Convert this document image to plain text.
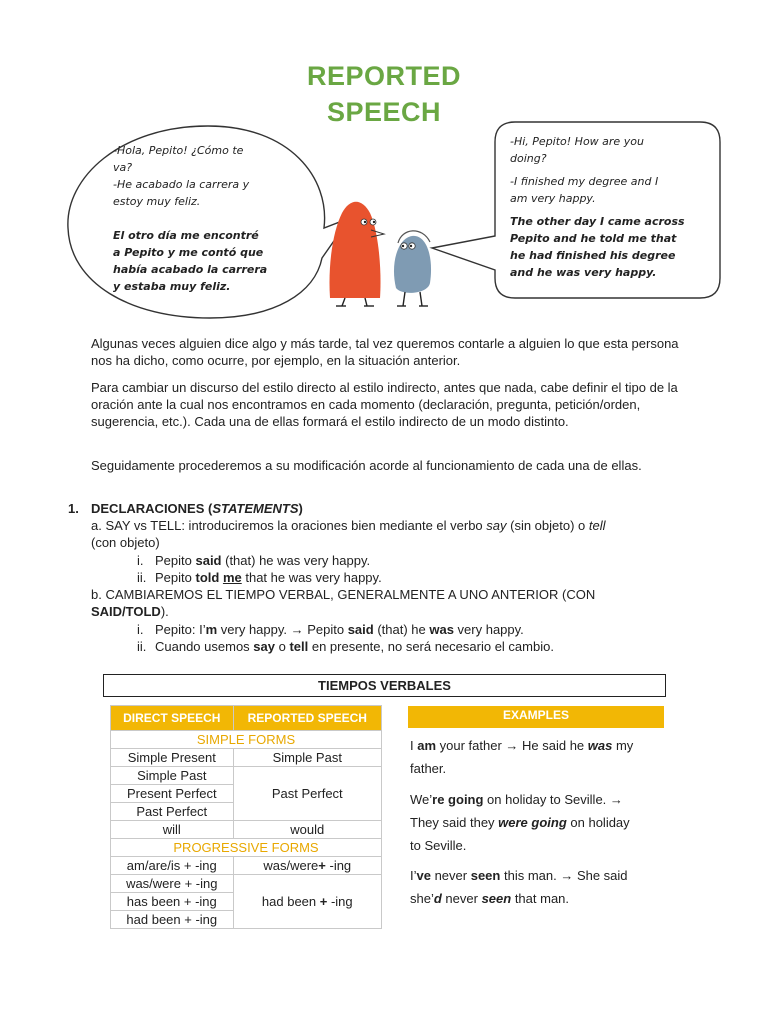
REPORTED
SPEECH
-Hola, Pepito! ¿Cómo te
va?
-He acabado la carrera y
estoy muy feliz.
El otro día me encontré
a Pepito y me contó que
había acabado la carrera
y estaba muy feliz.
-Hi, Pepito! How are you
doing?
-I finished my degree and I
am very happy.
The other day I came across
Pepito and he told me that
he had finished his degree
and he was very happy.
Algunas veces alguien dice algo y más tarde, tal vez queremos contarle a alguien lo que esta persona nos ha dicho, como ocurre, por ejemplo, en la situación anterior.
Para cambiar un discurso del estilo directo al estilo indirecto, antes que nada, cabe definir el tipo de la oración ante la cual nos encontramos en cada momento (declaración, pregunta, petición/orden, sugerencia, etc.). Cada una de ellas formará el estilo indirecto de un modo distinto.
Seguidamente procederemos a su modificación acorde al funcionamiento de cada una de ellas.
1. DECLARACIONES (STATEMENTS)
a. SAY vs TELL: introduciremos la oraciones bien mediante el verbo say (sin objeto) o tell
(con objeto)
i. Pepito said (that) he was very happy.
ii. Pepito told me that he was very happy.
b. CAMBIAREMOS EL TIEMPO VERBAL, GENERALMENTE A UNO ANTERIOR (CON
SAID/TOLD).
i. Pepito: I’m very happy. → Pepito said (that) he was very happy.
ii. Cuando usemos say o tell en presente, no será necesario el cambio.
TIEMPOS VERBALES
DIRECT SPEECH	REPORTED SPEECH
SIMPLE FORMS	
Simple Present	Simple Past
Simple Past	Past Perfect
Present Perfect	
Past Perfect	
will	would
PROGRESSIVE FORMS	
am/are/is + -ing	was/were+ -ing
was/were + -ing	had been + -ing
has been + -ing	
had been + -ing	
EXAMPLES
I am your father → He said he was my
father.
We’re going on holiday to Seville. →
They said they were going on holiday
to Seville.
I’ve never seen this man. → She said
she’d never seen that man.
